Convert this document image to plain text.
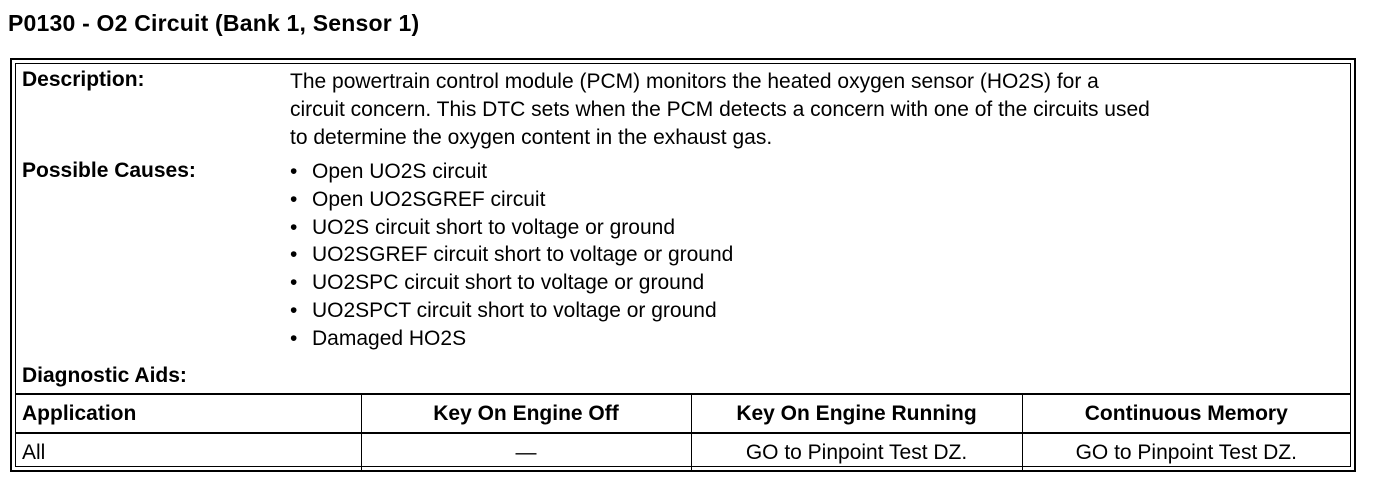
P0130 - O2 Circuit (Bank 1, Sensor 1)
Description:	The powertrain control module (PCM) monitors the heated oxygen sensor (HO2S) for a
circuit concern. This DTC sets when the PCM detects a concern with one of the circuits used
to determine the oxygen content in the exhaust gas.
Possible Causes:	• Open UO2S circuit
• Open UO2SGREF circuit
• UO2S circuit short to voltage or ground
• UO2SGREF circuit short to voltage or ground
• UO2SPC circuit short to voltage or ground
• UO2SPCT circuit short to voltage or ground
• Damaged HO2S
Diagnostic Aids:
Application	Key On Engine Off	Key On Engine Running	Continuous Memory
All	—	GO to Pinpoint Test DZ.	GO to Pinpoint Test DZ.
